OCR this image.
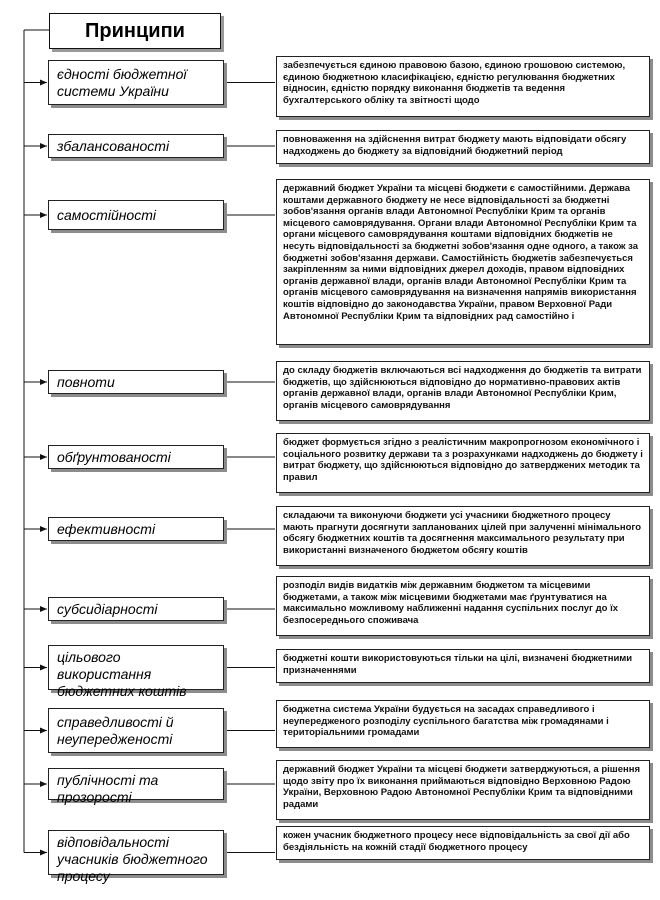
Принципи
єдності бюджетної системи України
забезпечується єдиною правовою базою, єдиною грошовою системою, єдиною бюджетною класифікацією, єдністю регулювання бюджетних відносин, єдністю порядку виконання бюджетів та ведення бухгалтерського обліку та звітності щодо
збалансованості	повноваження на здійснення витрат бюджету мають відповідати обсягу надходжень до бюджету за відповідний бюджетний період
самостійності
державний бюджет України та місцеві бюджети є самостійними. Держава коштами державного бюджету не несе відповідальності за бюджетні зобов'язання органів влади Автономної Республіки Крим та органів місцевого самоврядування. Органи влади Автономної Республіки Крим та органи місцевого самоврядування коштами відповідних бюджетів не несуть відповідальності за бюджетні зобов'язання одне одного, а також за бюджетні зобов'язання держави. Самостійність бюджетів забезпечується закріпленням за ними відповідних джерел доходів, правом відповідних органів державної влади, органів влади Автономної Республіки Крим та органів місцевого самоврядування на визначення напрямів використання коштів відповідно до законодавства України, правом Верховної Ради Автономної Республіки Крим та відповідних рад самостійно і
повноти
до складу бюджетів включаються всі надходження до бюджетів та витрати бюджетів, що здійснюються відповідно до нормативно-правових актів органів державної влади, органів влади Автономної Республіки Крим, органів місцевого самоврядування
обґрунтованості
бюджет формується згідно з реалістичним макропрогнозом економічного і соціального розвитку держави та з розрахунками надходжень до бюджету і витрат бюджету, що здійснюються відповідно до затверджених методик та правил
ефективності
складаючи та виконуючи бюджети усі учасники бюджетного процесу мають прагнути досягнути запланованих цілей при залученні мінімального обсягу бюджетних коштів та досягнення максимального результату при використанні визначеного бюджетом обсягу коштів
субсидіарності
розподіл видів видатків між державним бюджетом та місцевими бюджетами, а також між місцевими бюджетами має ґрунтуватися на максимально можливому наближенні надання суспільних послуг до їх безпосереднього споживача
цільового використання бюджетних коштів
бюджетні кошти використовуються тільки на цілі, визначені бюджетними призначеннями
справедливості й неупередженості
бюджетна система України будується на засадах справедливого і неупередженого розподілу суспільного багатства між громадянами і територіальними громадами
публічності та прозорості
державний бюджет України та місцеві бюджети затверджуються, а рішення щодо звіту про їх виконання приймаються відповідно Верховною Радою України, Верховною Радою Автономної Республіки Крим та відповідними радами
відповідальності учасників бюджетного процесу
кожен учасник бюджетного процесу несе відповідальність за свої дії або бездіяльність на кожній стадії бюджетного процесу
